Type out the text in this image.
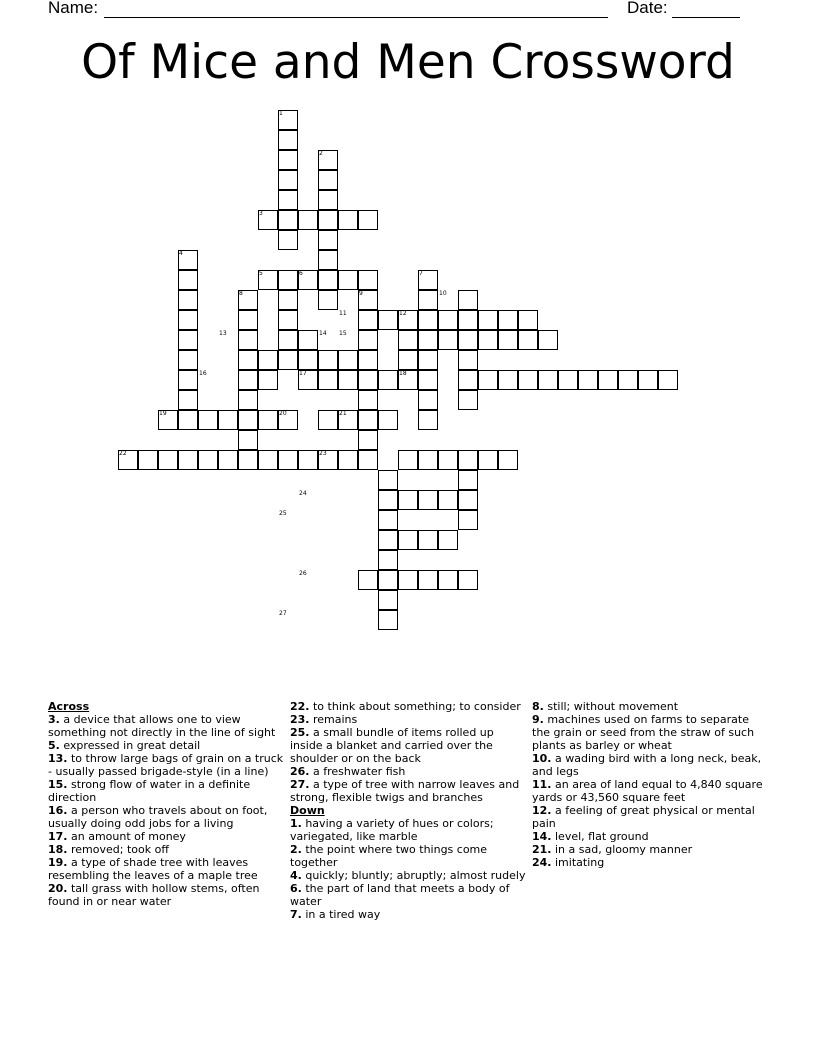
Name:	Date:
Of Mice and Men Crossword
1
2
3
4
5	6	7
8	9	10
11	12
13	14 15
16	17	18
19	20	21
22	23
24
25
26
27
Across
3. a device that allows one to view something not directly in the line of sight
5. expressed in great detail
13. to throw large bags of grain on a truck - usually passed brigade-style (in a line)
15. strong flow of water in a definite direction
16. a person who travels about on foot, usually doing odd jobs for a living
17. an amount of money
18. removed; took off
19. a type of shade tree with leaves resembling the leaves of a maple tree
20. tall grass with hollow stems, often found in or near water
22. to think about something; to consider
23. remains
25. a small bundle of items rolled up inside a blanket and carried over the shoulder or on the back
26. a freshwater fish
27. a type of tree with narrow leaves and strong, flexible twigs and branches
Down
1. having a variety of hues or colors; variegated, like marble
2. the point where two things come together
4. quickly; bluntly; abruptly; almost rudely
6. the part of land that meets a body of water
7. in a tired way
8. still; without movement
9. machines used on farms to separate the grain or seed from the straw of such plants as barley or wheat
10. a wading bird with a long neck, beak, and legs
11. an area of land equal to 4,840 square yards or 43,560 square feet
12. a feeling of great physical or mental pain
14. level, flat ground
21. in a sad, gloomy manner
24. imitating
